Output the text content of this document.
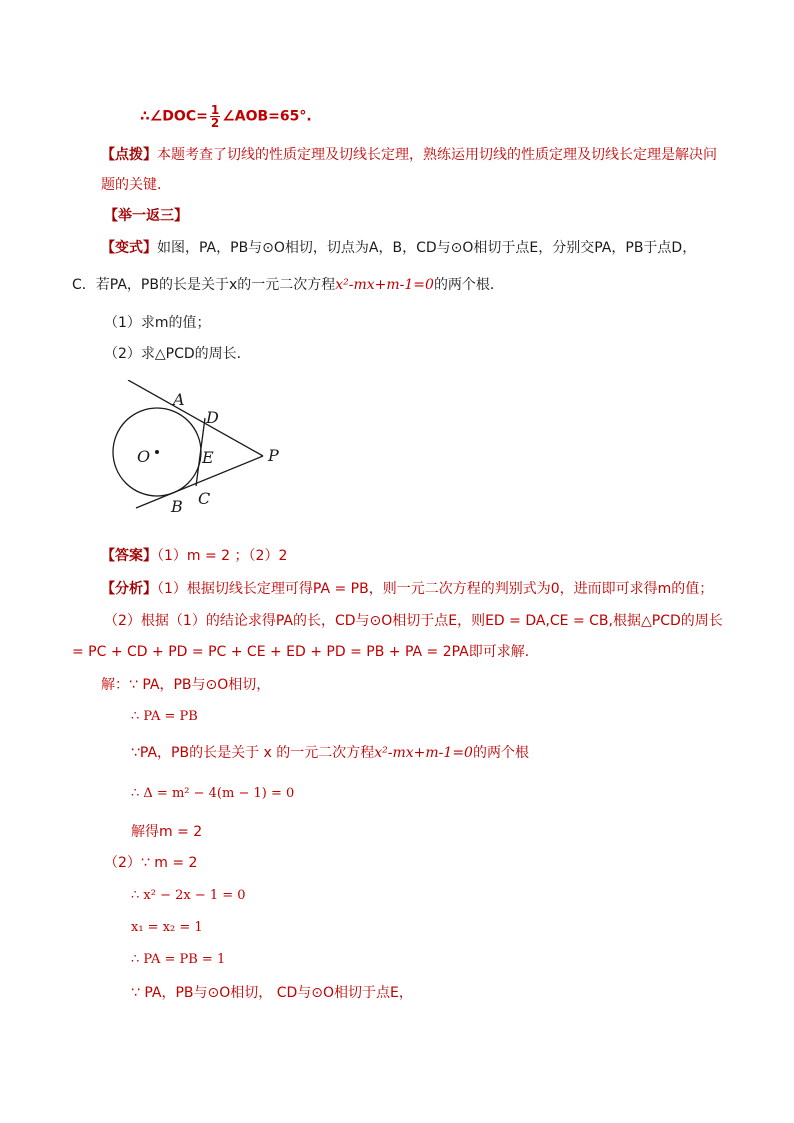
∴∠DOC= $\frac{1}{2}$ ∠AOB=65°.
【点拨】本题考查了切线的性质定理及切线长定理，熟练运用切线的性质定理及切线长定理是解决问
题的关键.
【举一返三】
【变式】如图，PA，PB与⊙O相切，切点为A，B，CD与⊙O相切于点E，分别交PA，PB于点D，
C．若PA，PB的长是关于x的一元二次方程x²-mx+m-1=0的两个根．
（1）求m的值；
（2）求△PCD的周长．
A
D
O	E	P
B C
【答案】（1）m = 2 ；（2）2
【分析】（1）根据切线长定理可得PA = PB，则一元二次方程的判别式为0，进而即可求得m的值；
（2）根据（1）的结论求得PA的长，CD与⊙O相切于点E，则ED = DA,CE = CB,根据△PCD的周长
= PC + CD + PD = PC + CE + ED + PD = PB + PA = 2PA即可求解．
解：∵ PA，PB与⊙O相切，
∴ PA = PB
∵PA，PB的长是关于 x 的一元二次方程x²-mx+m-1=0的两个根
∴ Δ = m² − 4(m − 1) = 0
解得m = 2
（2）∵ m = 2
∴ x² − 2x − 1 = 0
x₁ = x₂ = 1
∴ PA = PB = 1
∵ PA，PB与⊙O相切， CD与⊙O相切于点E，
